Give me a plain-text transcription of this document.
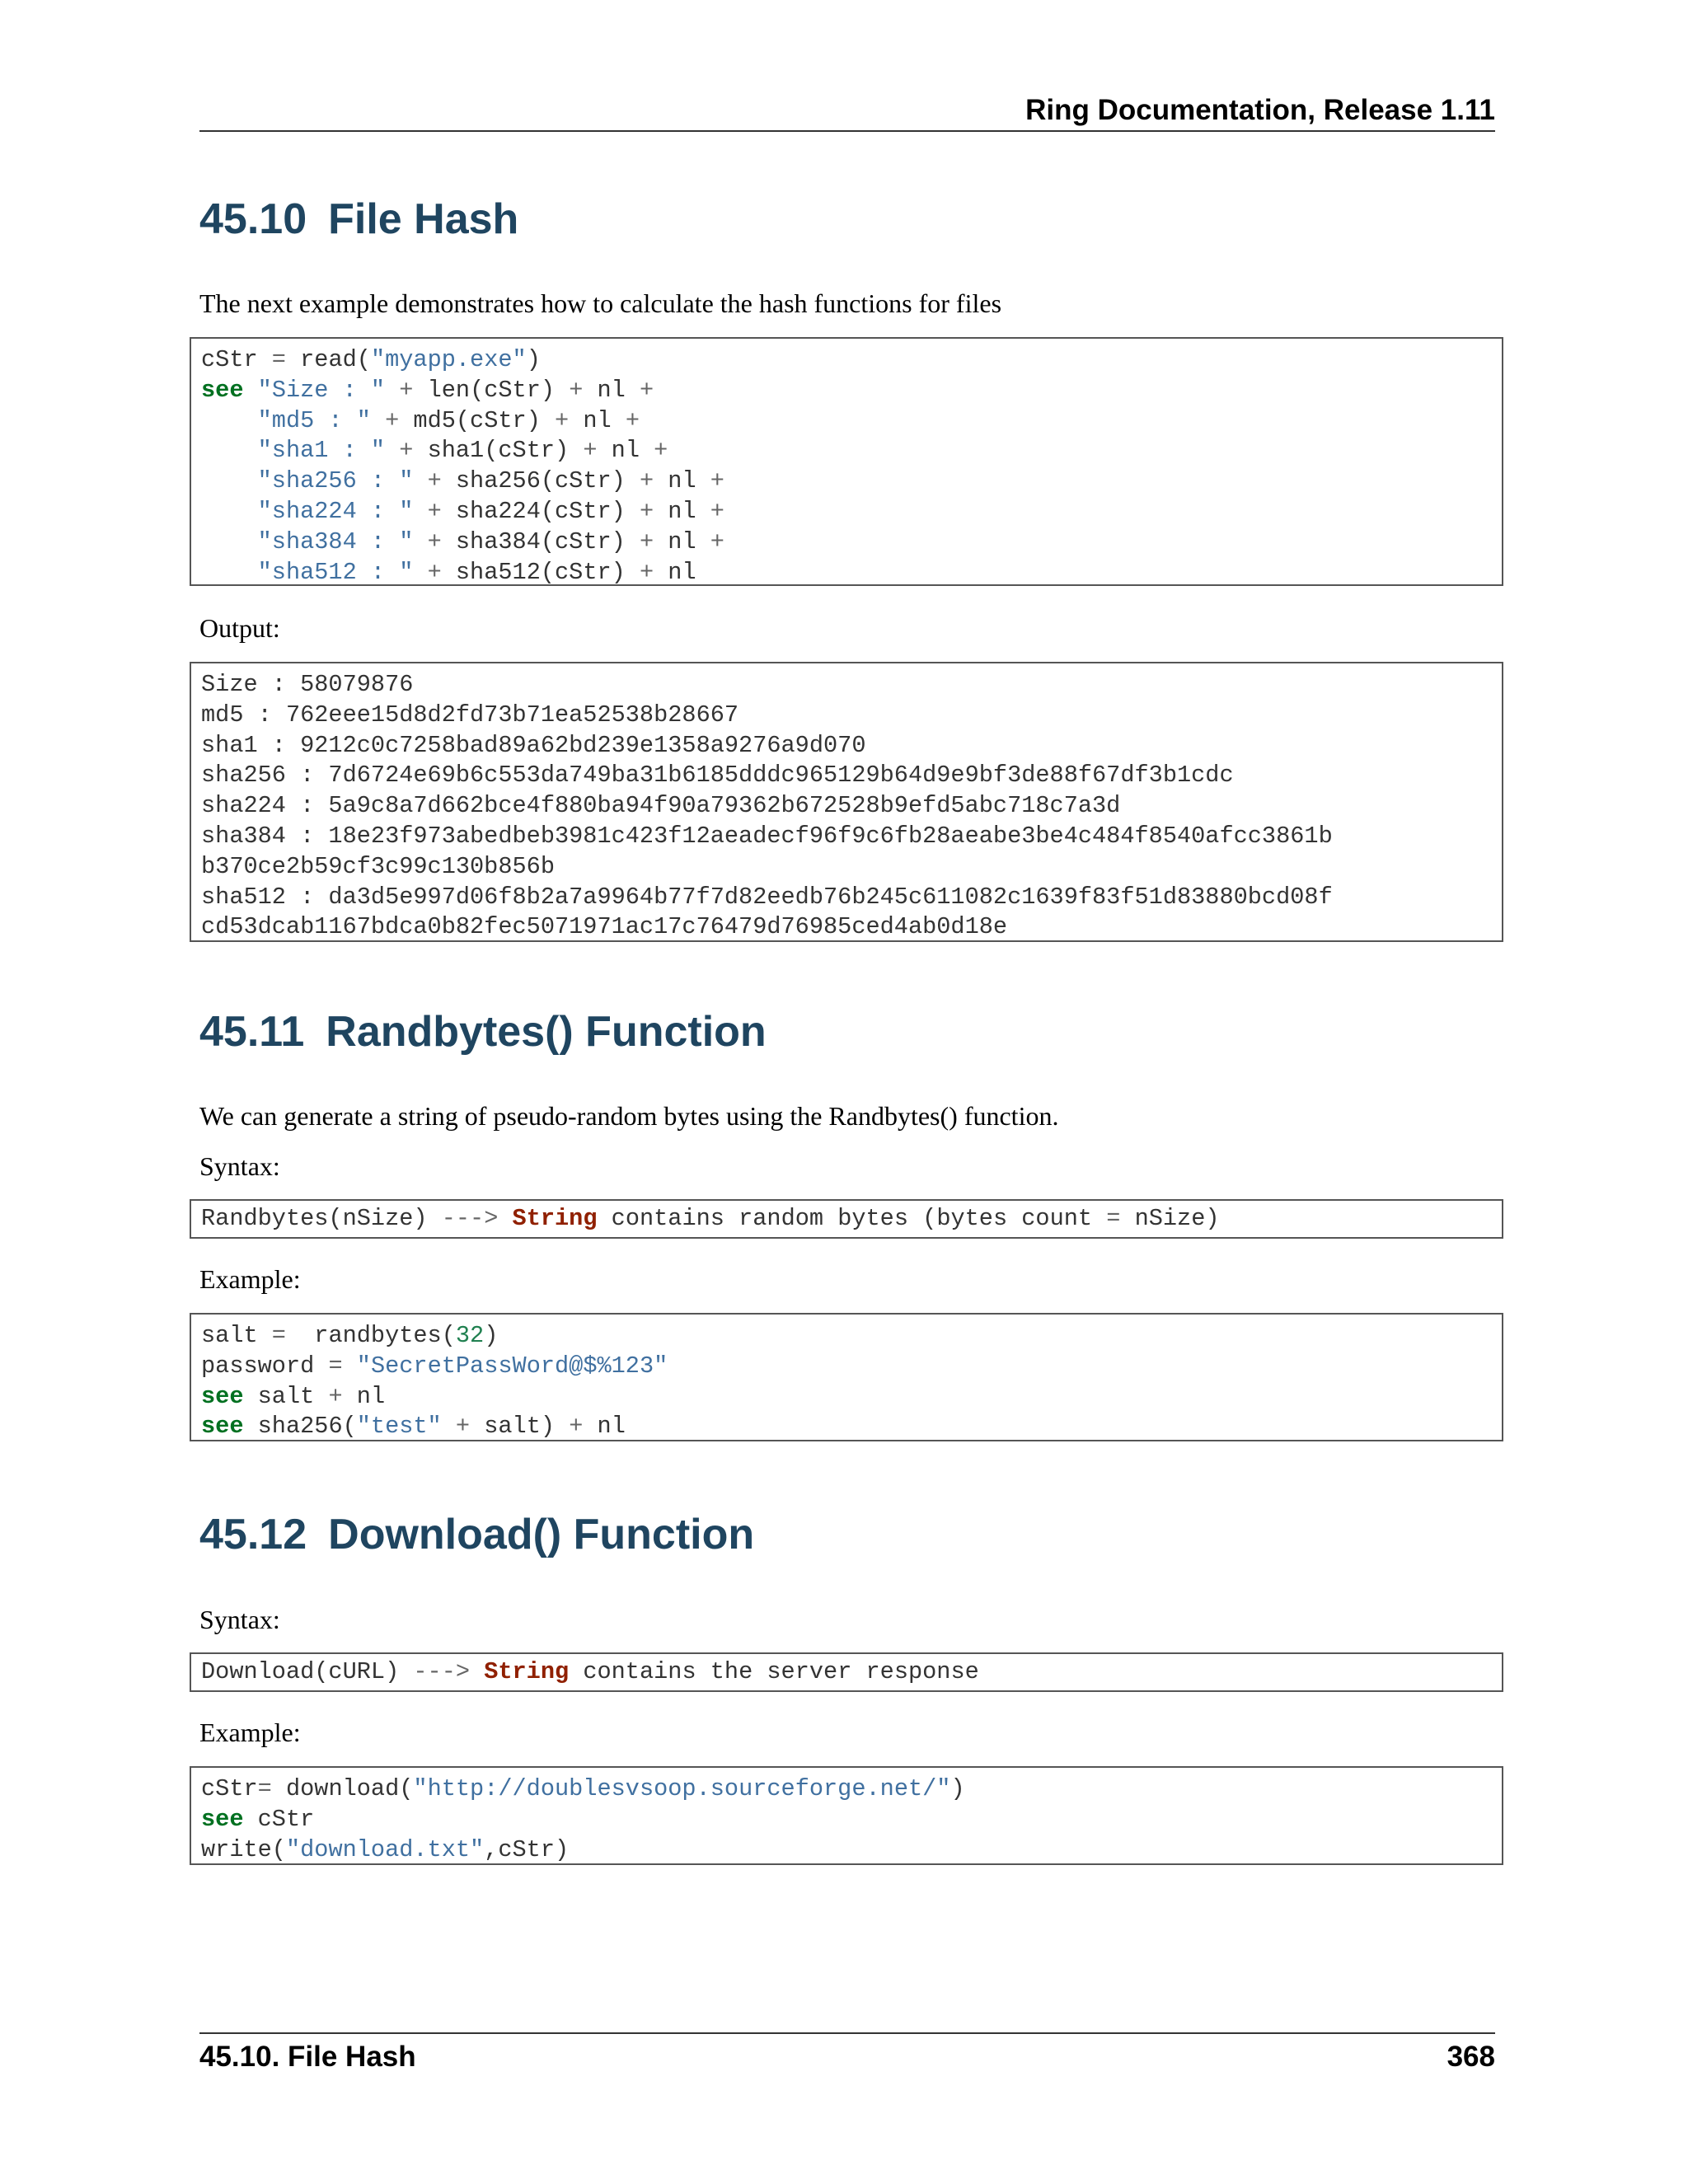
Ring Documentation, Release 1.11
45.10 File Hash

The next example demonstrates how to calculate the hash functions for files

cStr = read("myapp.exe")
see "Size : " + len(cStr) + nl +
"md5 : " + md5(cStr) + nl +
"sha1 : " + sha1(cStr) + nl +
"sha256 : " + sha256(cStr) + nl +
"sha224 : " + sha224(cStr) + nl +
"sha384 : " + sha384(cStr) + nl +
"sha512 : " + sha512(cStr) + nl

Output:

Size : 58079876
md5 : 762eee15d8d2fd73b71ea52538b28667
sha1 : 9212c0c7258bad89a62bd239e1358a9276a9d070
sha256 : 7d6724e69b6c553da749ba31b6185dddc965129b64d9e9bf3de88f67df3b1cdc
sha224 : 5a9c8a7d662bce4f880ba94f90a79362b672528b9efd5abc718c7a3d
sha384 : 18e23f973abedbeb3981c423f12aeadecf96f9c6fb28aeabe3be4c484f8540afcc3861b
b370ce2b59cf3c99c130b856b
sha512 : da3d5e997d06f8b2a7a9964b77f7d82eedb76b245c611082c1639f83f51d83880bcd08f
cd53dcab1167bdca0b82fec5071971ac17c76479d76985ced4ab0d18e
45.11 Randbytes() Function

We can generate a string of pseudo-random bytes using the Randbytes() function.

Syntax:

Randbytes(nSize) ---> String contains random bytes (bytes count = nSize)

Example:

salt =  randbytes(32)
password = "SecretPassWord@$%123"
see salt + nl
see sha256("test" + salt) + nl
45.12 Download() Function

Syntax:

Download(cURL) ---> String contains the server response

Example:

cStr= download("http://doublesvsoop.sourceforge.net/")
see cStr
write("download.txt",cStr)
45.10. File Hash	368
